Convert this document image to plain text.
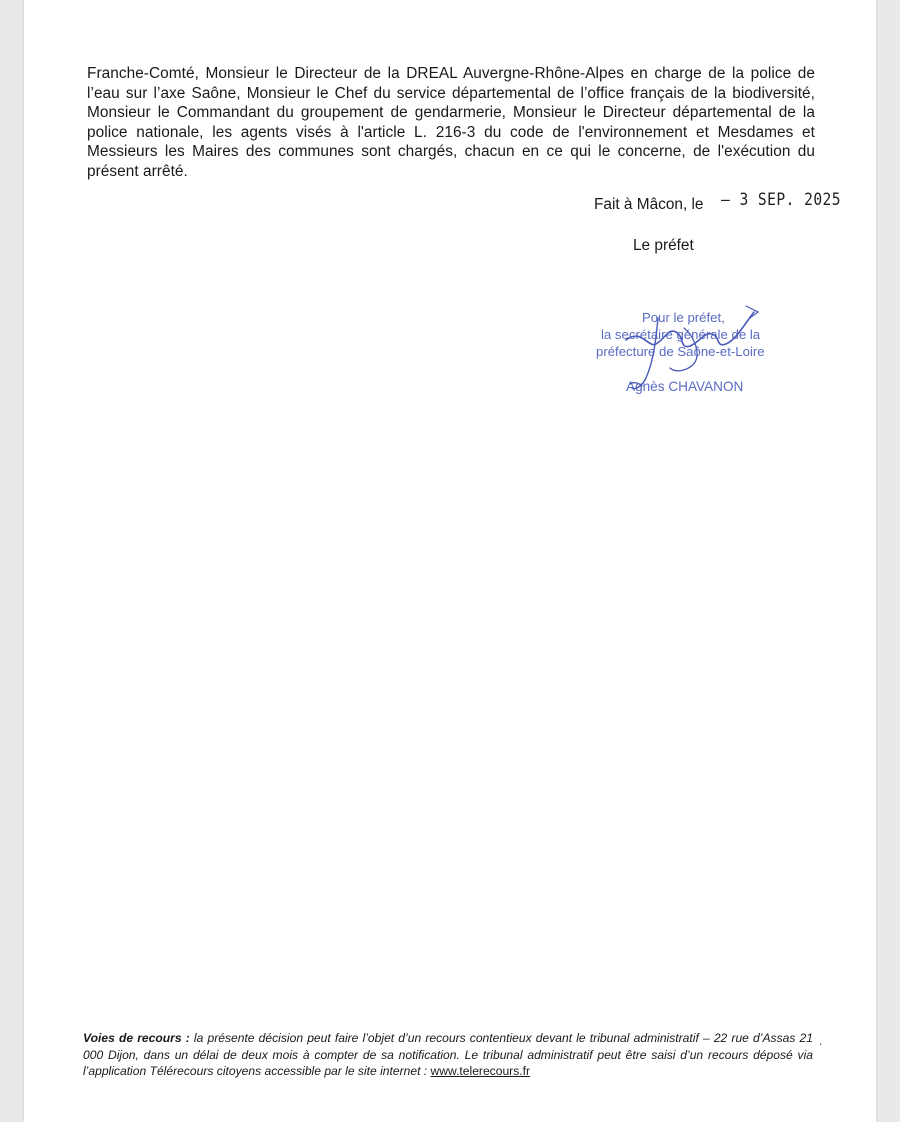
Franche-Comté, Monsieur le Directeur de la DREAL Auvergne-Rhône-Alpes en charge de la police de l’eau sur l’axe Saône, Monsieur le Chef du service départemental de l’office français de la biodiversité, Monsieur le Commandant du groupement de gendarmerie, Monsieur le Directeur départemental de la police nationale, les agents visés à l'article L. 216-3 du code de l'environnement et Mesdames et Messieurs les Maires des communes sont chargés, chacun en ce qui le concerne, de l'exécution du présent arrêté.

Fait à Mâcon, le – 3 SEP. 2025
Le préfet
Pour le préfet,
la secrétaire générale de la
préfecture de Saône-et-Loire
Agnès CHAVANON

Voies de recours : la présente décision peut faire l’objet d’un recours contentieux devant le tribunal administratif – 22 rue d’Assas 21 000 Dijon, dans un délai de deux mois à compter de sa notification. Le tribunal administratif peut être saisi d’un recours déposé via l’application Télérecours citoyens accessible par le site internet : www.telerecours.fr

.
